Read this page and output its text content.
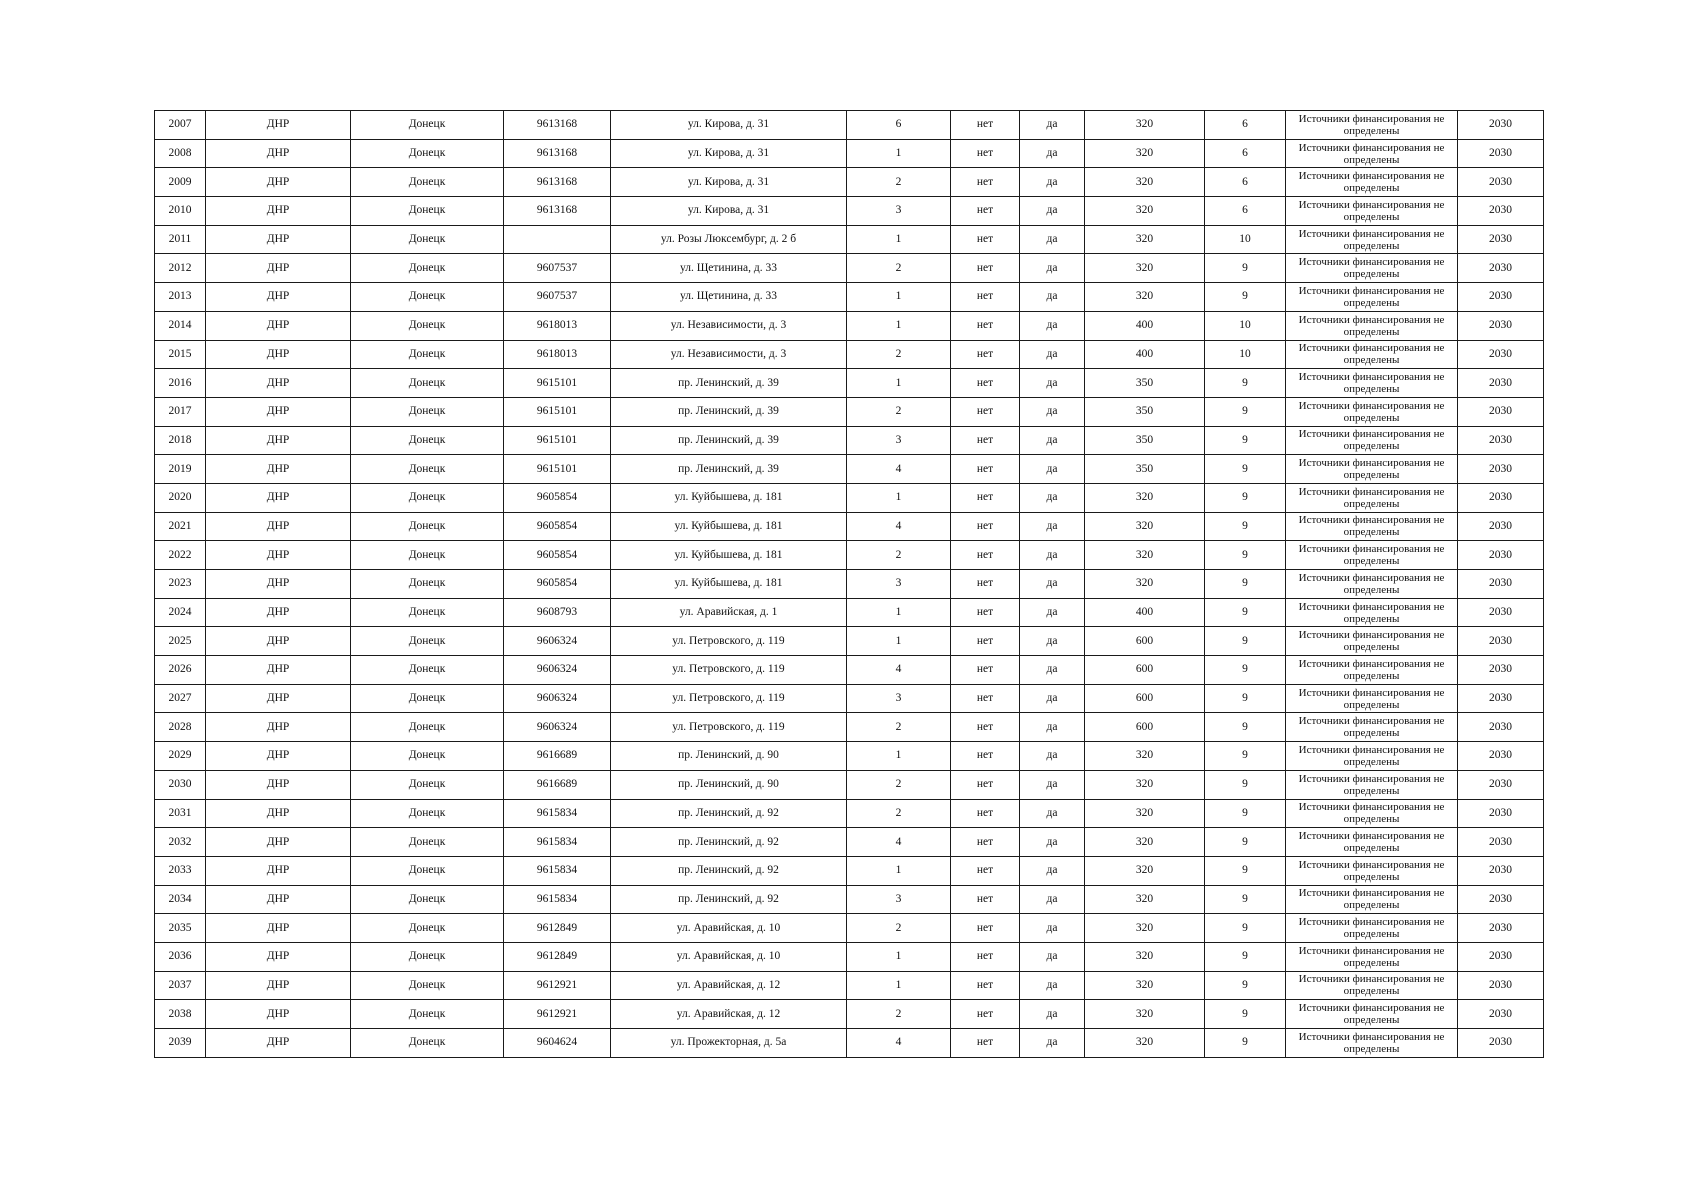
2007	ДНР	Донецк	9613168	ул. Кирова, д. 31	6	нет	да	320	6	Источники финансирования не определены	2030
2008	ДНР	Донецк	9613168	ул. Кирова, д. 31	1	нет	да	320	6	Источники финансирования не определены	2030
2009	ДНР	Донецк	9613168	ул. Кирова, д. 31	2	нет	да	320	6	Источники финансирования не определены	2030
2010	ДНР	Донецк	9613168	ул. Кирова, д. 31	3	нет	да	320	6	Источники финансирования не определены	2030
2011	ДНР	Донецк		ул. Розы Люксембург, д. 2 б	1	нет	да	320	10	Источники финансирования не определены	2030
2012	ДНР	Донецк	9607537	ул. Щетинина, д. 33	2	нет	да	320	9	Источники финансирования не определены	2030
2013	ДНР	Донецк	9607537	ул. Щетинина, д. 33	1	нет	да	320	9	Источники финансирования не определены	2030
2014	ДНР	Донецк	9618013	ул. Независимости, д. 3	1	нет	да	400	10	Источники финансирования не определены	2030
2015	ДНР	Донецк	9618013	ул. Независимости, д. 3	2	нет	да	400	10	Источники финансирования не определены	2030
2016	ДНР	Донецк	9615101	пр. Ленинский, д. 39	1	нет	да	350	9	Источники финансирования не определены	2030
2017	ДНР	Донецк	9615101	пр. Ленинский, д. 39	2	нет	да	350	9	Источники финансирования не определены	2030
2018	ДНР	Донецк	9615101	пр. Ленинский, д. 39	3	нет	да	350	9	Источники финансирования не определены	2030
2019	ДНР	Донецк	9615101	пр. Ленинский, д. 39	4	нет	да	350	9	Источники финансирования не определены	2030
2020	ДНР	Донецк	9605854	ул. Куйбышева, д. 181	1	нет	да	320	9	Источники финансирования не определены	2030
2021	ДНР	Донецк	9605854	ул. Куйбышева, д. 181	4	нет	да	320	9	Источники финансирования не определены	2030
2022	ДНР	Донецк	9605854	ул. Куйбышева, д. 181	2	нет	да	320	9	Источники финансирования не определены	2030
2023	ДНР	Донецк	9605854	ул. Куйбышева, д. 181	3	нет	да	320	9	Источники финансирования не определены	2030
2024	ДНР	Донецк	9608793	ул. Аравийская, д. 1	1	нет	да	400	9	Источники финансирования не определены	2030
2025	ДНР	Донецк	9606324	ул. Петровского, д. 119	1	нет	да	600	9	Источники финансирования не определены	2030
2026	ДНР	Донецк	9606324	ул. Петровского, д. 119	4	нет	да	600	9	Источники финансирования не определены	2030
2027	ДНР	Донецк	9606324	ул. Петровского, д. 119	3	нет	да	600	9	Источники финансирования не определены	2030
2028	ДНР	Донецк	9606324	ул. Петровского, д. 119	2	нет	да	600	9	Источники финансирования не определены	2030
2029	ДНР	Донецк	9616689	пр. Ленинский, д. 90	1	нет	да	320	9	Источники финансирования не определены	2030
2030	ДНР	Донецк	9616689	пр. Ленинский, д. 90	2	нет	да	320	9	Источники финансирования не определены	2030
2031	ДНР	Донецк	9615834	пр. Ленинский, д. 92	2	нет	да	320	9	Источники финансирования не определены	2030
2032	ДНР	Донецк	9615834	пр. Ленинский, д. 92	4	нет	да	320	9	Источники финансирования не определены	2030
2033	ДНР	Донецк	9615834	пр. Ленинский, д. 92	1	нет	да	320	9	Источники финансирования не определены	2030
2034	ДНР	Донецк	9615834	пр. Ленинский, д. 92	3	нет	да	320	9	Источники финансирования не определены	2030
2035	ДНР	Донецк	9612849	ул. Аравийская, д. 10	2	нет	да	320	9	Источники финансирования не определены	2030
2036	ДНР	Донецк	9612849	ул. Аравийская, д. 10	1	нет	да	320	9	Источники финансирования не определены	2030
2037	ДНР	Донецк	9612921	ул. Аравийская, д. 12	1	нет	да	320	9	Источники финансирования не определены	2030
2038	ДНР	Донецк	9612921	ул. Аравийская, д. 12	2	нет	да	320	9	Источники финансирования не определены	2030
2039	ДНР	Донецк	9604624	ул. Прожекторная, д. 5а	4	нет	да	320	9	Источники финансирования не определены	2030
